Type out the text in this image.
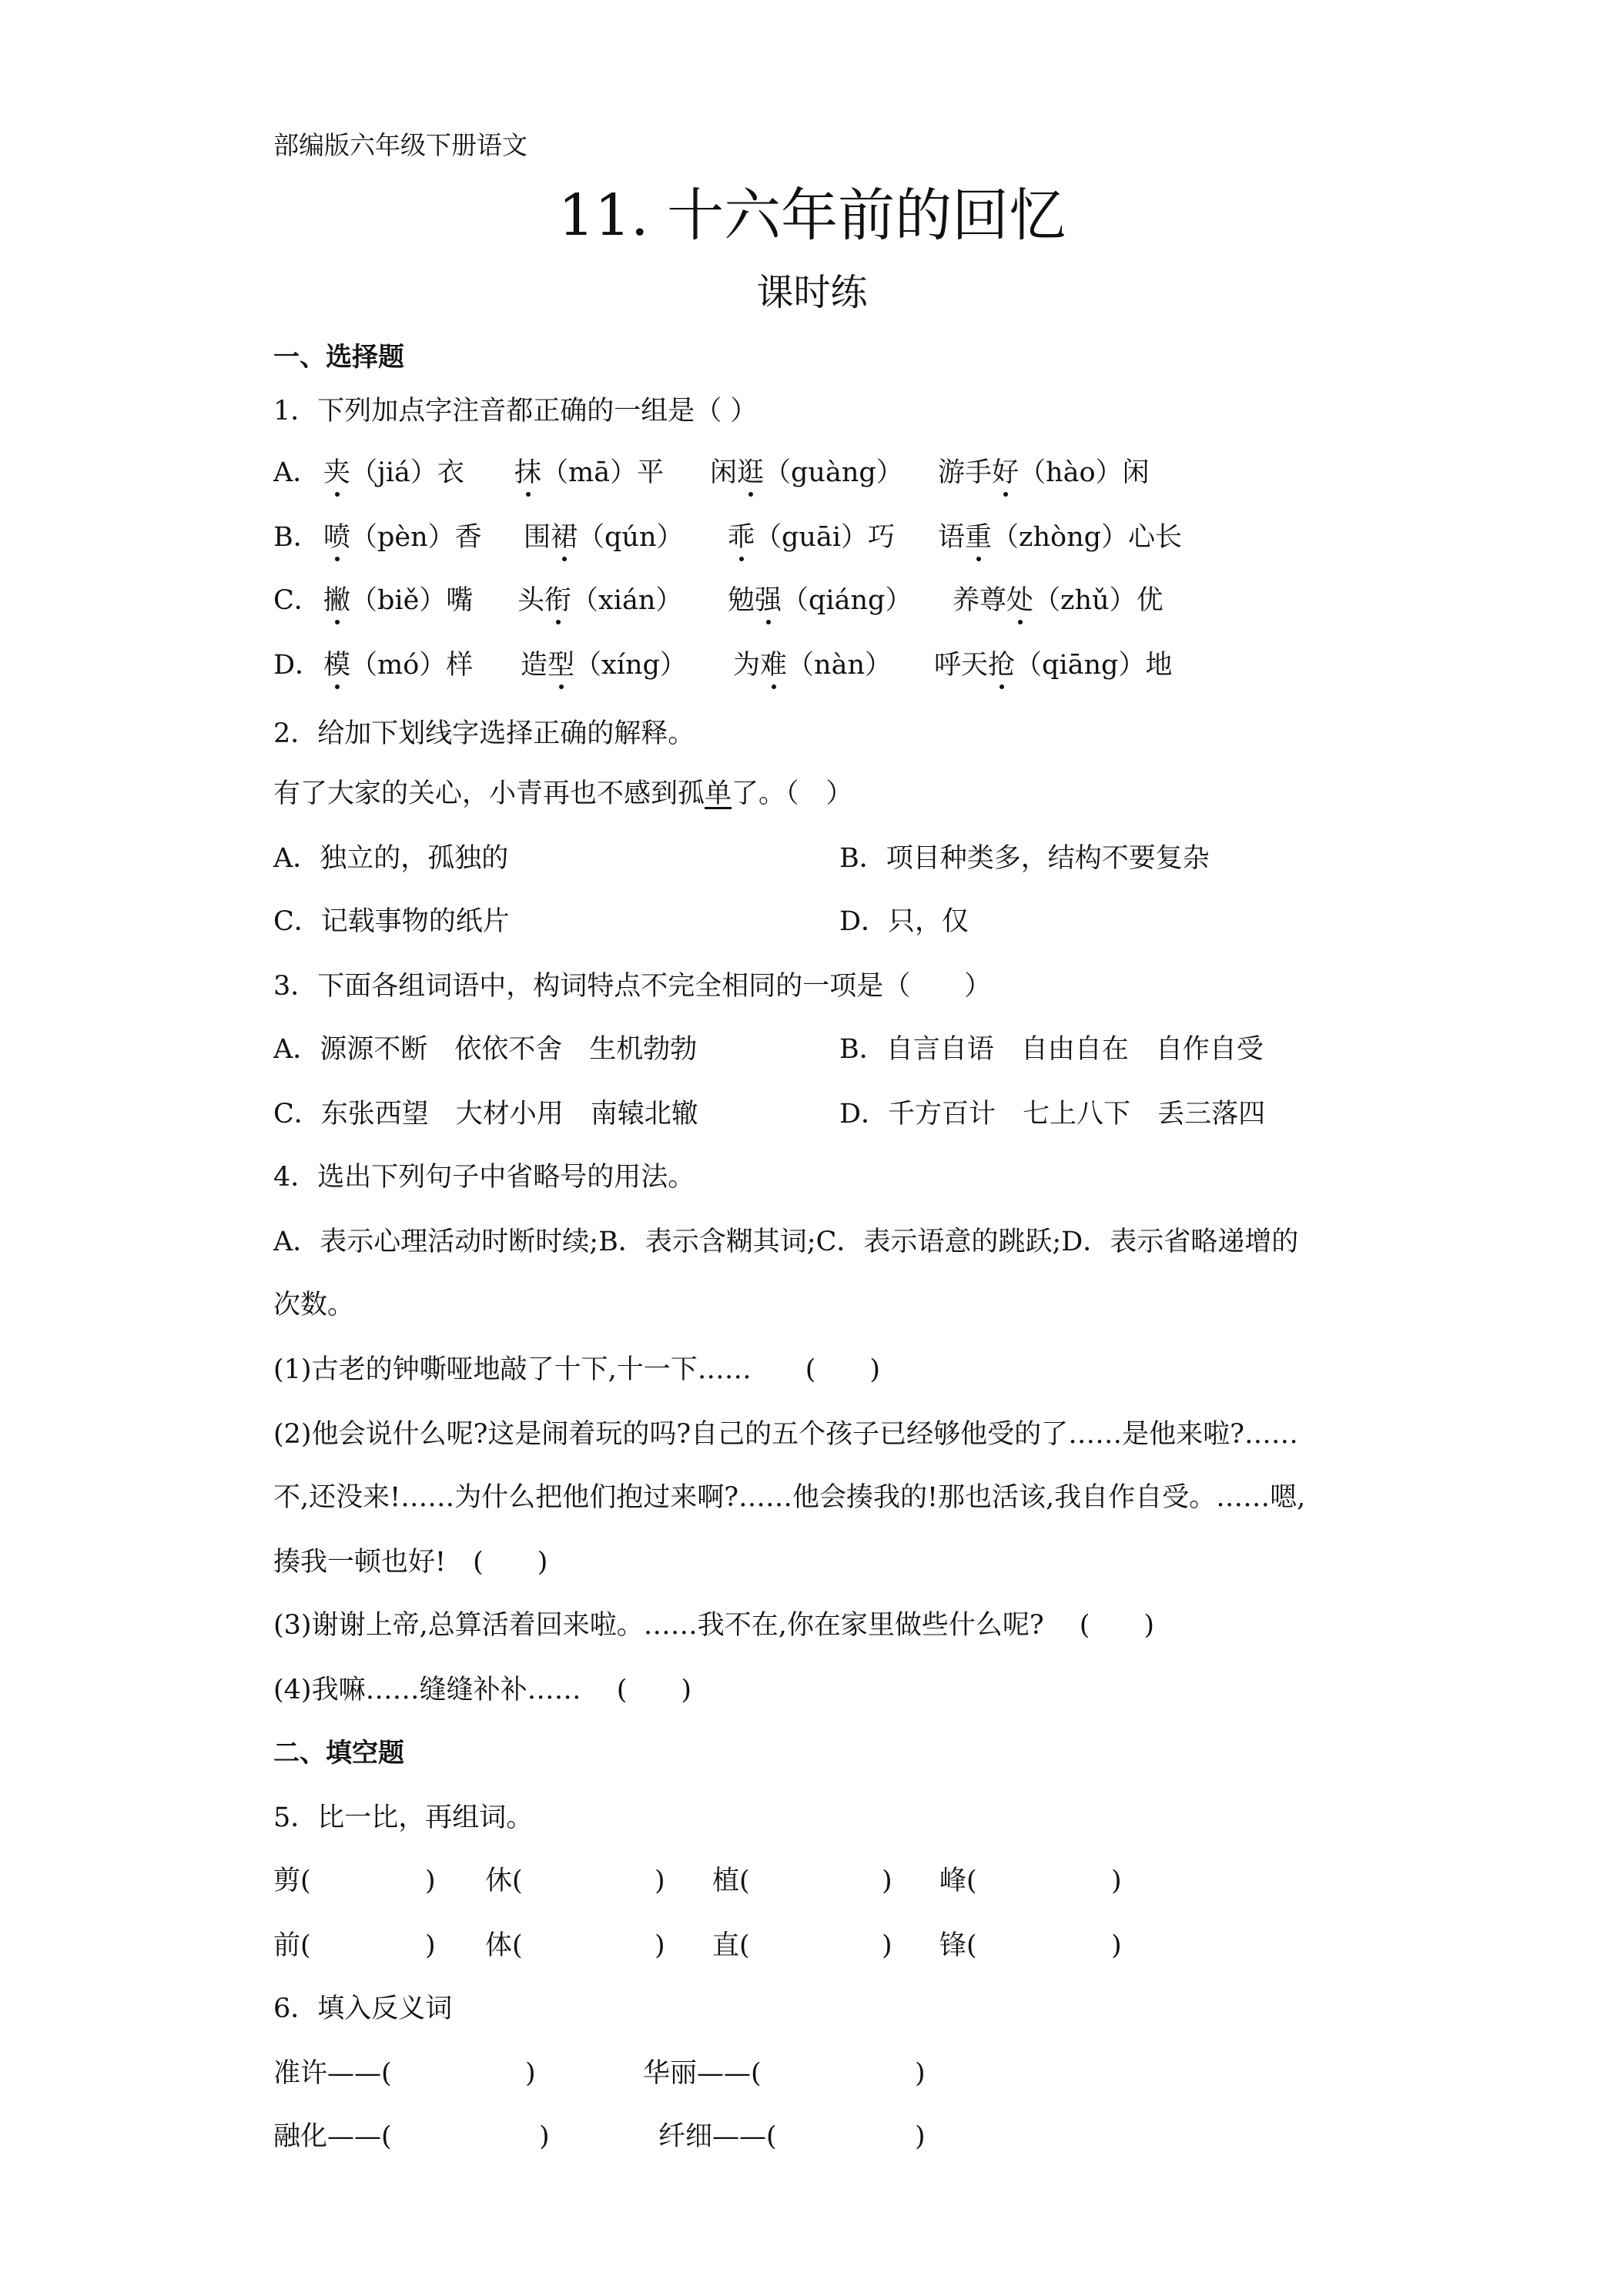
部编版六年级下册语文
11. 十六年前的回忆
课时练
一、选择题
1．下列加点字注音都正确的一组是（ ）
A． 夹（jiá）衣 抹（mā）平 闲逛（guàng） 游手好（hào）闲
B． 喷（pèn）香 围裙（qún） 乖（guāi）巧 语重（zhòng）心长
C． 撇（biě）嘴 头衔（xián） 勉强（qiáng） 养尊处（zhǔ）优
D． 模（mó）样 造型（xíng） 为难（nàn） 呼天抢（qiāng）地
2．给加下划线字选择正确的解释。
有了大家的关心，小青再也不感到孤单了。（　）
A．独立的，孤独的	B．项目种类多，结构不要复杂
C．记载事物的纸片	D．只，仅
3．下面各组词语中，构词特点不完全相同的一项是（　　）
A．源源不断　依依不舍　生机勃勃	B．自言自语　自由自在　自作自受
C．东张西望　大材小用　南辕北辙	D．千方百计　七上八下　丢三落四
4．选出下列句子中省略号的用法。
A．表示心理活动时断时续;B．表示含糊其词;C．表示语意的跳跃;D．表示省略递增的
次数。
(1)古老的钟嘶哑地敲了十下,十一下……　　(　　)
(2)他会说什么呢?这是闹着玩的吗?自己的五个孩子已经够他受的了……是他来啦?……
不,还没来!……为什么把他们抱过来啊?……他会揍我的!那也活该,我自作自受。……嗯,
揍我一顿也好!　(　　)
(3)谢谢上帝,总算活着回来啦。……我不在,你在家里做些什么呢?　 (　　)
(4)我嘛……缝缝补补……　 (　　)
二、填空题
5．比一比，再组词。
剪(	) 休(	) 植(	) 峰(	)
前(	) 体(	) 直(	) 锋(	)
6．填入反义词
准许——(	)	华丽——(	)
融化——(	)	纤细——(	)
